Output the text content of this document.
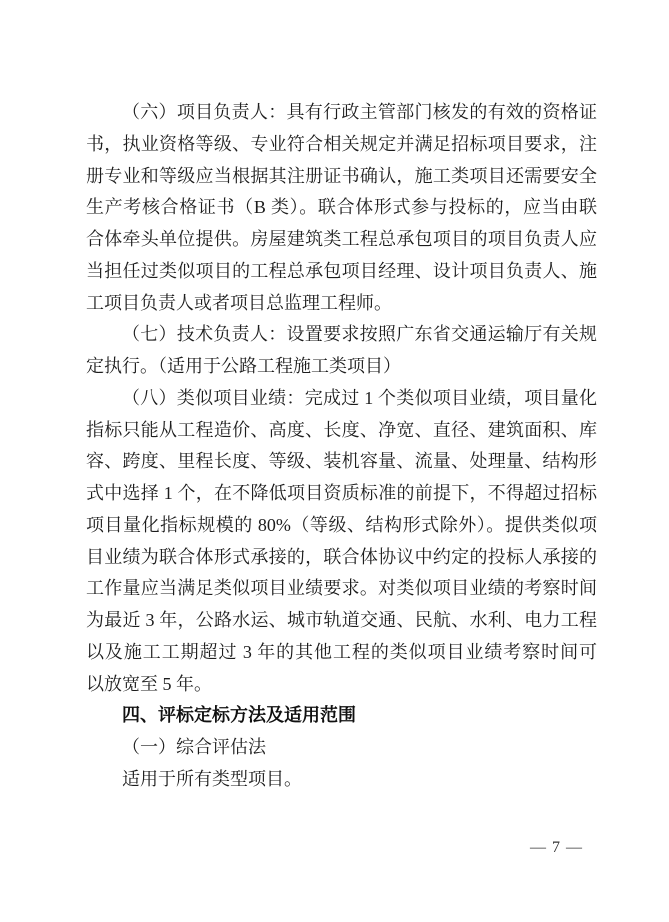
（六）项目负责人：具有行政主管部门核发的有效的资格证
书，执业资格等级、专业符合相关规定并满足招标项目要求，注
册专业和等级应当根据其注册证书确认，施工类项目还需要安全
生产考核合格证书（B 类）。联合体形式参与投标的，应当由联
合体牵头单位提供。房屋建筑类工程总承包项目的项目负责人应
当担任过类似项目的工程总承包项目经理、设计项目负责人、施
工项目负责人或者项目总监理工程师。
（七）技术负责人：设置要求按照广东省交通运输厅有关规
定执行。（适用于公路工程施工类项目）
（八）类似项目业绩：完成过 1 个类似项目业绩，项目量化
指标只能从工程造价、高度、长度、净宽、直径、建筑面积、库
容、跨度、里程长度、等级、装机容量、流量、处理量、结构形
式中选择 1 个，在不降低项目资质标准的前提下，不得超过招标
项目量化指标规模的 80%（等级、结构形式除外）。提供类似项
目业绩为联合体形式承接的，联合体协议中约定的投标人承接的
工作量应当满足类似项目业绩要求。对类似项目业绩的考察时间
为最近 3 年，公路水运、城市轨道交通、民航、水利、电力工程
以及施工工期超过 3 年的其他工程的类似项目业绩考察时间可
以放宽至 5 年。
四、评标定标方法及适用范围
（一）综合评估法
适用于所有类型项目。
— 7 —
